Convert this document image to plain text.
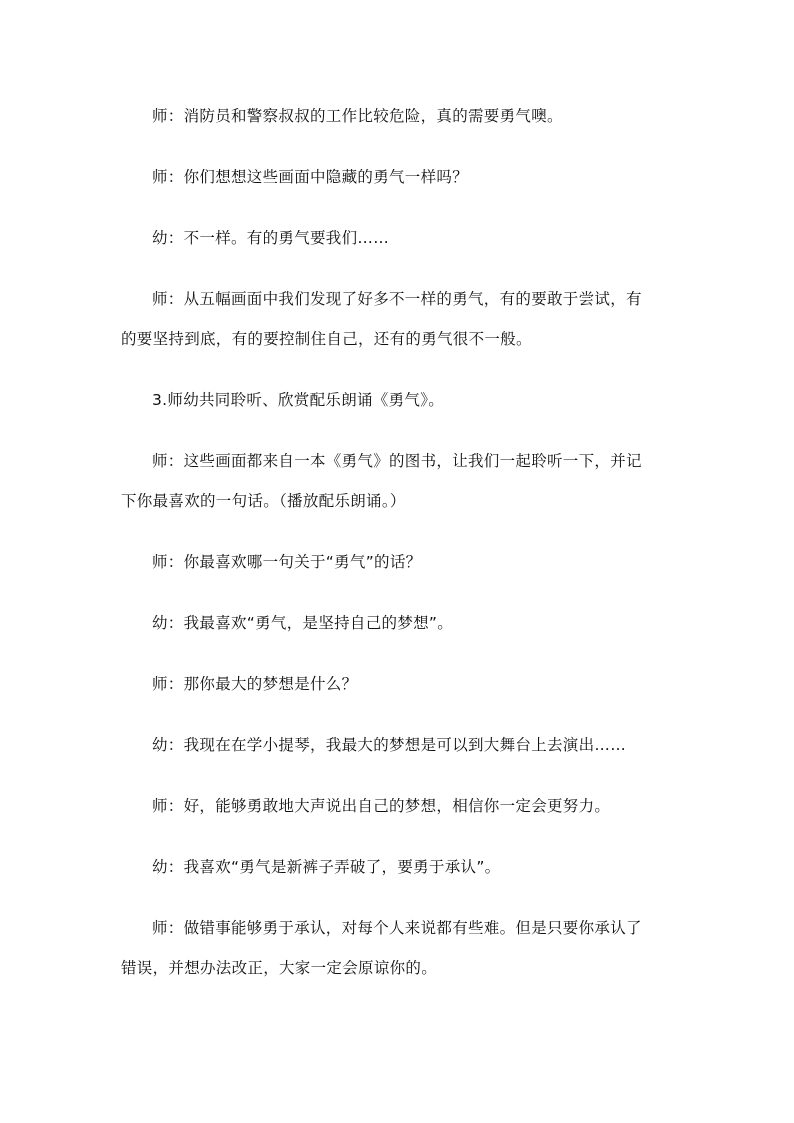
师：消防员和警察叔叔的工作比较危险，真的需要勇气噢。
师：你们想想这些画面中隐藏的勇气一样吗？
幼：不一样。有的勇气要我们……
师：从五幅画面中我们发现了好多不一样的勇气，有的要敢于尝试，有
的要坚持到底，有的要控制住自己，还有的勇气很不一般。
3.师幼共同聆听、欣赏配乐朗诵《勇气》。
师：这些画面都来自一本《勇气》的图书，让我们一起聆听一下，并记
下你最喜欢的一句话。（播放配乐朗诵。）
师：你最喜欢哪一句关于“勇气”的话？
幼：我最喜欢“勇气，是坚持自己的梦想”。
师：那你最大的梦想是什么？
幼：我现在在学小提琴，我最大的梦想是可以到大舞台上去演出……
师：好，能够勇敢地大声说出自己的梦想，相信你一定会更努力。
幼：我喜欢“勇气是新裤子弄破了，要勇于承认”。
师：做错事能够勇于承认，对每个人来说都有些难。但是只要你承认了
错误，并想办法改正，大家一定会原谅你的。
